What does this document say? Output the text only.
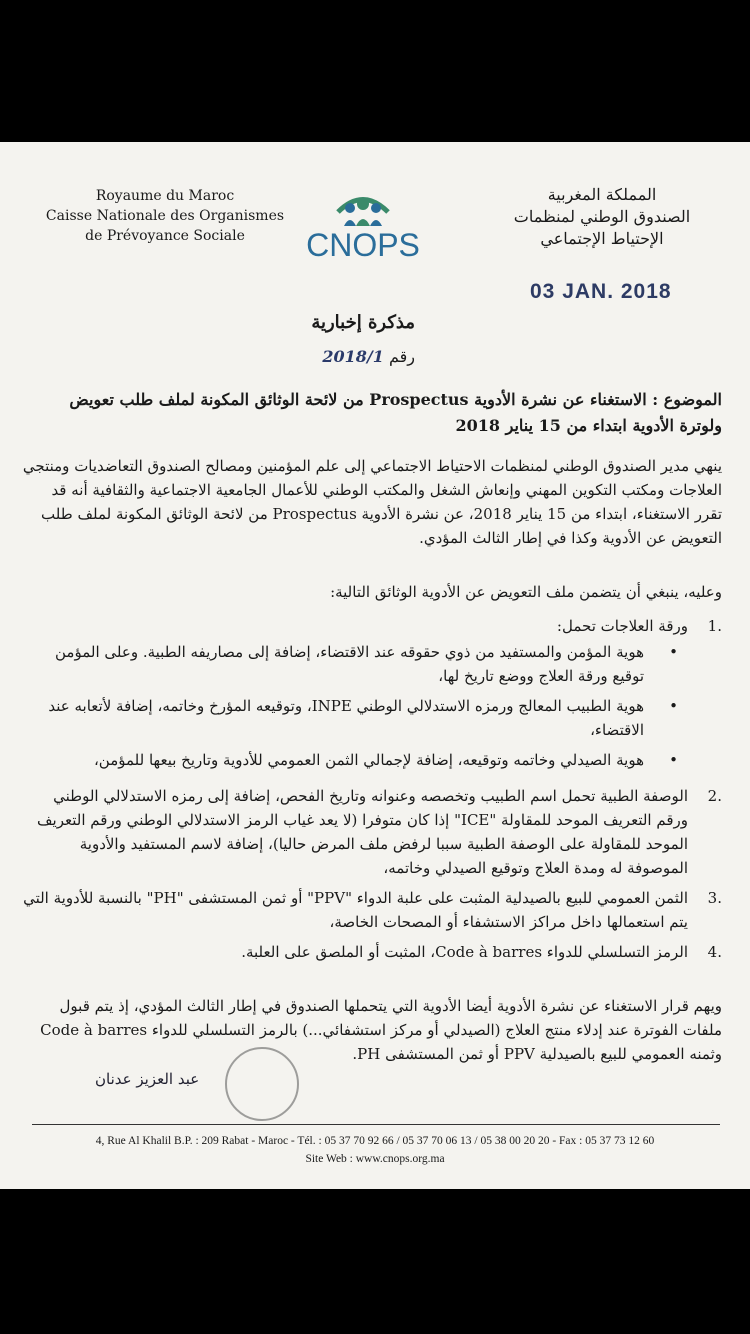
Royaume du Maroc
Caisse Nationale des Organismes
de Prévoyance Sociale	CNOPS
المملكة المغربية
الصندوق الوطني لمنظمات
الإحتياط الإجتماعي
03 JAN. 2018
مذكرة إخبارية
رقم 2018/1
الموضوع : الاستغناء عن نشرة الأدوية Prospectus من لائحة الوثائق المكونة لملف طلب تعويض ولوترة الأدوية ابتداء من 15 يناير 2018
ينهي مدير الصندوق الوطني لمنظمات الاحتياط الاجتماعي إلى علم المؤمنين ومصالح الصندوق التعاضديات ومنتجي العلاجات ومكتب التكوين المهني وإنعاش الشغل والمكتب الوطني للأعمال الجامعية الاجتماعية والثقافية أنه قد تقرر الاستغناء، ابتداء من 15 يناير 2018، عن نشرة الأدوية Prospectus من لائحة الوثائق المكونة لملف طلب التعويض عن الأدوية وكذا في إطار الثالث المؤدي.
وعليه، ينبغي أن يتضمن ملف التعويض عن الأدوية الوثائق التالية:
.1
ورقة العلاجات تحمل:
•
هوية المؤمن والمستفيد من ذوي حقوقه عند الاقتضاء، إضافة إلى مصاريفه الطبية. وعلى المؤمن توقيع ورقة العلاج ووضع تاريخ لها،
•
هوية الطبيب المعالج ورمزه الاستدلالي الوطني INPE، وتوقيعه المؤرخ وخاتمه، إضافة لأتعابه عند الاقتضاء،
•
هوية الصيدلي وخاتمه وتوقيعه، إضافة لإجمالي الثمن العمومي للأدوية وتاريخ بيعها للمؤمن،
.2
الوصفة الطبية تحمل اسم الطبيب وتخصصه وعنوانه وتاريخ الفحص، إضافة إلى رمزه الاستدلالي الوطني ورقم التعريف الموحد للمقاولة "ICE" إذا كان متوفرا (لا يعد غياب الرمز الاستدلالي الوطني ورقم التعريف الموحد للمقاولة على الوصفة الطبية سببا لرفض ملف المرض حاليا)، إضافة لاسم المستفيد والأدوية الموصوفة له ومدة العلاج وتوقيع الصيدلي وخاتمه،
.3
الثمن العمومي للبيع بالصيدلية المثبت على علبة الدواء "PPV" أو ثمن المستشفى "PH" بالنسبة للأدوية التي يتم استعمالها داخل مراكز الاستشفاء أو المصحات الخاصة،
.4
الرمز التسلسلي للدواء Code à barres، المثبت أو الملصق على العلبة.
ويهم قرار الاستغناء عن نشرة الأدوية أيضا الأدوية التي يتحملها الصندوق في إطار الثالث المؤدي، إذ يتم قبول ملفات الفوترة عند إدلاء منتج العلاج (الصيدلي أو مركز استشفائي...) بالرمز التسلسلي للدواء Code à barres وثمنه العمومي للبيع بالصيدلية PPV أو ثمن المستشفى PH.
عبد العزيز عدنان
4, Rue Al Khalil B.P. : 209 Rabat - Maroc - Tél. : 05 37 70 92 66 / 05 37 70 06 13 / 05 38 00 20 20 - Fax : 05 37 73 12 60
Site Web : www.cnops.org.ma
